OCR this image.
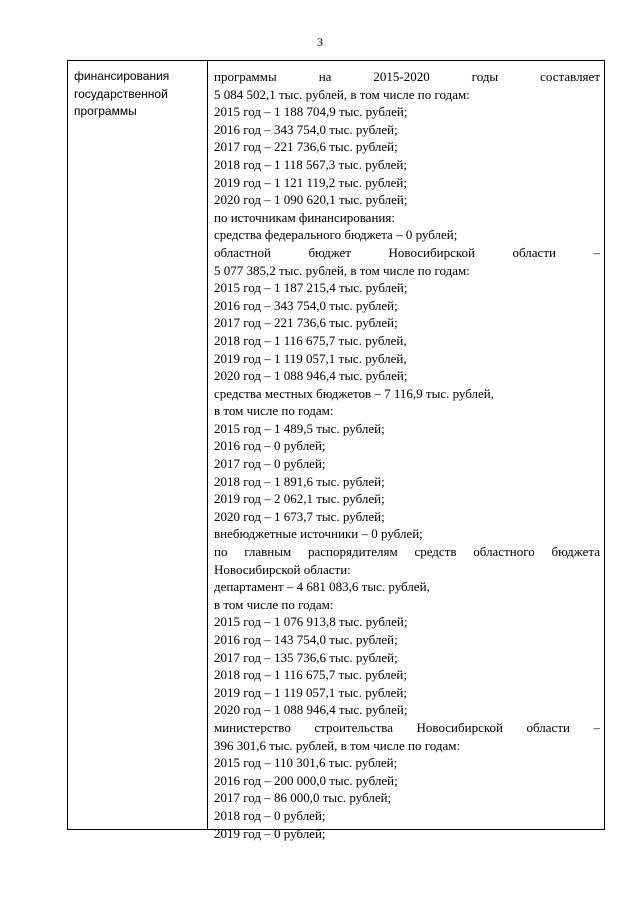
3
финансирования
государственной
программы
программы на 2015-2020 годы составляет
5 084 502,1 тыс. рублей, в том числе по годам:
2015 год – 1 188 704,9 тыс. рублей;
2016 год – 343 754,0 тыс. рублей;
2017 год – 221 736,6 тыс. рублей;
2018 год – 1 118 567,3 тыс. рублей;
2019 год – 1 121 119,2 тыс. рублей;
2020 год – 1 090 620,1 тыс. рублей;
по источникам финансирования:
средства федерального бюджета – 0 рублей;
областной бюджет Новосибирской области –
5 077 385,2 тыс. рублей, в том числе по годам:
2015 год – 1 187 215,4 тыс. рублей;
2016 год – 343 754,0 тыс. рублей;
2017 год – 221 736,6 тыс. рублей;
2018 год – 1 116 675,7 тыс. рублей,
2019 год – 1 119 057,1 тыс. рублей,
2020 год – 1 088 946,4 тыс. рублей;
средства местных бюджетов – 7 116,9 тыс. рублей,
в том числе по годам:
2015 год – 1 489,5 тыс. рублей;
2016 год – 0 рублей;
2017 год – 0 рублей;
2018 год – 1 891,6 тыс. рублей;
2019 год – 2 062,1 тыс. рублей;
2020 год – 1 673,7 тыс. рублей;
внебюджетные источники – 0 рублей;
по главным распорядителям средств областного бюджета
Новосибирской области:
департамент – 4 681 083,6 тыс. рублей,
в том числе по годам:
2015 год – 1 076 913,8 тыс. рублей;
2016 год – 143 754,0 тыс. рублей;
2017 год – 135 736,6 тыс. рублей;
2018 год – 1 116 675,7 тыс. рублей;
2019 год – 1 119 057,1 тыс. рублей;
2020 год – 1 088 946,4 тыс. рублей;
министерство строительства Новосибирской области –
396 301,6 тыс. рублей, в том числе по годам:
2015 год – 110 301,6 тыс. рублей;
2016 год – 200 000,0 тыс. рублей;
2017 год – 86 000,0 тыс. рублей;
2018 год – 0 рублей;
2019 год – 0 рублей;
